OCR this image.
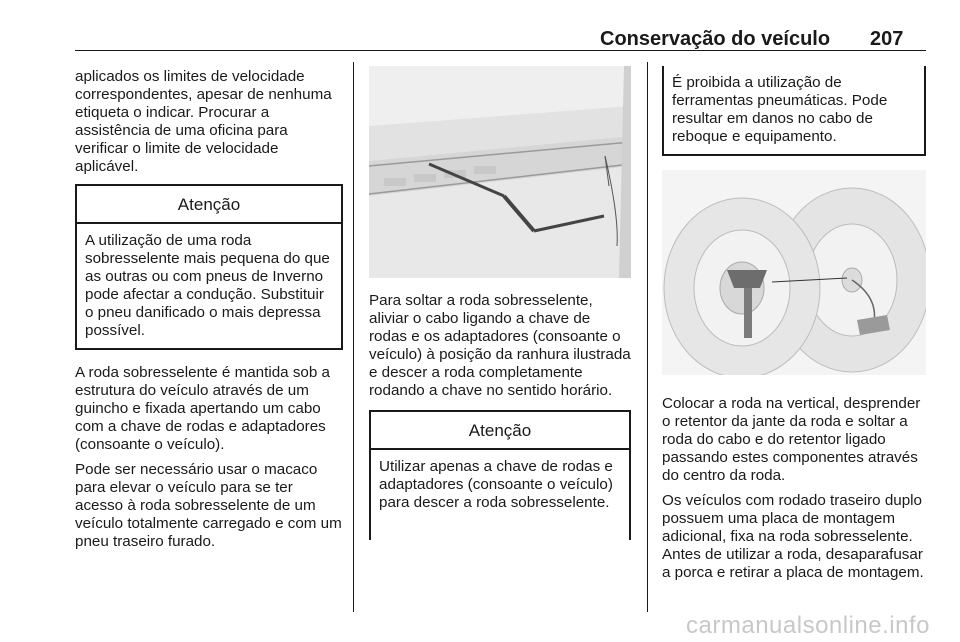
Conservação do veículo 207

aplicados os limites de velocidade correspondentes, apesar de nenhuma etiqueta o indicar. Procurar a assistência de uma oficina para verificar o limite de velocidade aplicável.

Atenção
A utilização de uma roda sobresselente mais pequena do que as outras ou com pneus de Inverno pode afectar a condução. Substituir o pneu danificado o mais depressa possível.

A roda sobresselente é mantida sob a estrutura do veículo através de um guincho e fixada apertando um cabo com a chave de rodas e adaptadores (consoante o veículo).

Pode ser necessário usar o macaco para elevar o veículo para se ter acesso à roda sobresselente de um veículo totalmente carregado e com um pneu traseiro furado.

Para soltar a roda sobresselente, aliviar o cabo ligando a chave de rodas e os adaptadores (consoante o veículo) à posição da ranhura ilustrada e descer a roda completamente rodando a chave no sentido horário.

Atenção
Utilizar apenas a chave de rodas e adaptadores (consoante o veículo) para descer a roda sobresselente.
É proibida a utilização de ferramentas pneumáticas. Pode resultar em danos no cabo de reboque e equipamento.

Colocar a roda na vertical, desprender o retentor da jante da roda e soltar a roda do cabo e do retentor ligado passando estes componentes através do centro da roda.

Os veículos com rodado traseiro duplo possuem uma placa de montagem adicional, fixa na roda sobresselente. Antes de utilizar a roda, desaparafusar a porca e retirar a placa de montagem.

carmanualsonline.info
